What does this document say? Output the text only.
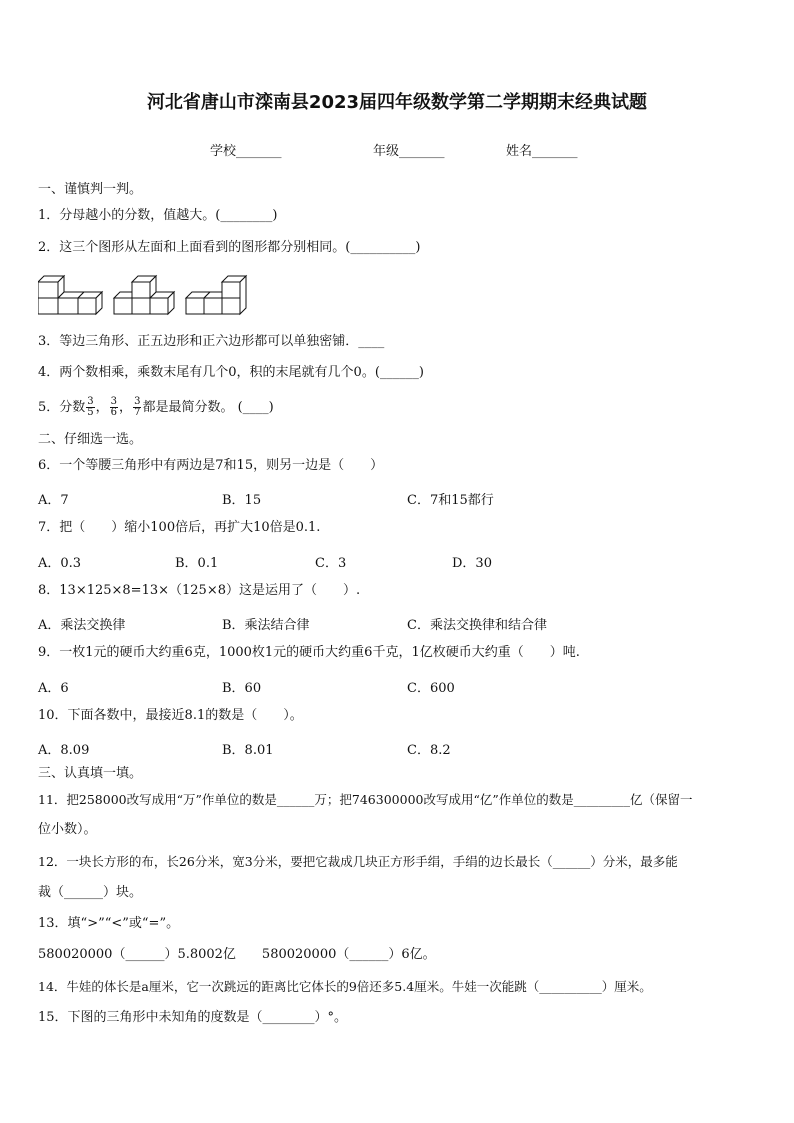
河北省唐山市滦南县2023届四年级数学第二学期期末经典试题
学校_______	年级_______	姓名_______
一、谨慎判一判。
1．分母越小的分数，值越大。(________)
2．这三个图形从左面和上面看到的图形都分别相同。(__________)
3．等边三角形、正五边形和正六边形都可以单独密铺．____
4．两个数相乘，乘数末尾有几个0，积的末尾就有几个0。(______)
5．分数 $\frac{3}{5}$ ， $\frac{3}{6}$ ， $\frac{3}{7}$ 都是最简分数。 (____)
二、仔细选一选。
6．一个等腰三角形中有两边是7和15，则另一边是（　　）
A．7	B．15	C．7和15都行
7．把（　　）缩小100倍后，再扩大10倍是0.1.
A．0.3	B．0.1	C．3	D．30
8．13×125×8=13×（125×8）这是运用了（　　）.
A．乘法交换律	B．乘法结合律	C．乘法交换律和结合律
9．一枚1元的硬币大约重6克，1000枚1元的硬币大约重6千克，1亿枚硬币大约重（　　）吨.
A．6	B．60	C．600
10．下面各数中，最接近8.1的数是（　　）。
A．8.09	B．8.01	C．8.2
三、认真填一填。
11．把258000改写成用“万”作单位的数是______万；把746300000改写成用“亿”作单位的数是_________亿（保留一
位小数）。
12．一块长方形的布，长26分米，宽3分米，要把它裁成几块正方形手绢，手绢的边长最长（______）分米，最多能
裁（______）块。
13．填“>”“<”或“=”。
580020000（______）5.8002亿　　580020000（______）6亿。
14．牛娃的体长是a厘米，它一次跳远的距离比它体长的9倍还多5.4厘米。牛娃一次能跳（__________）厘米。
15．下图的三角形中未知角的度数是（________）°。
